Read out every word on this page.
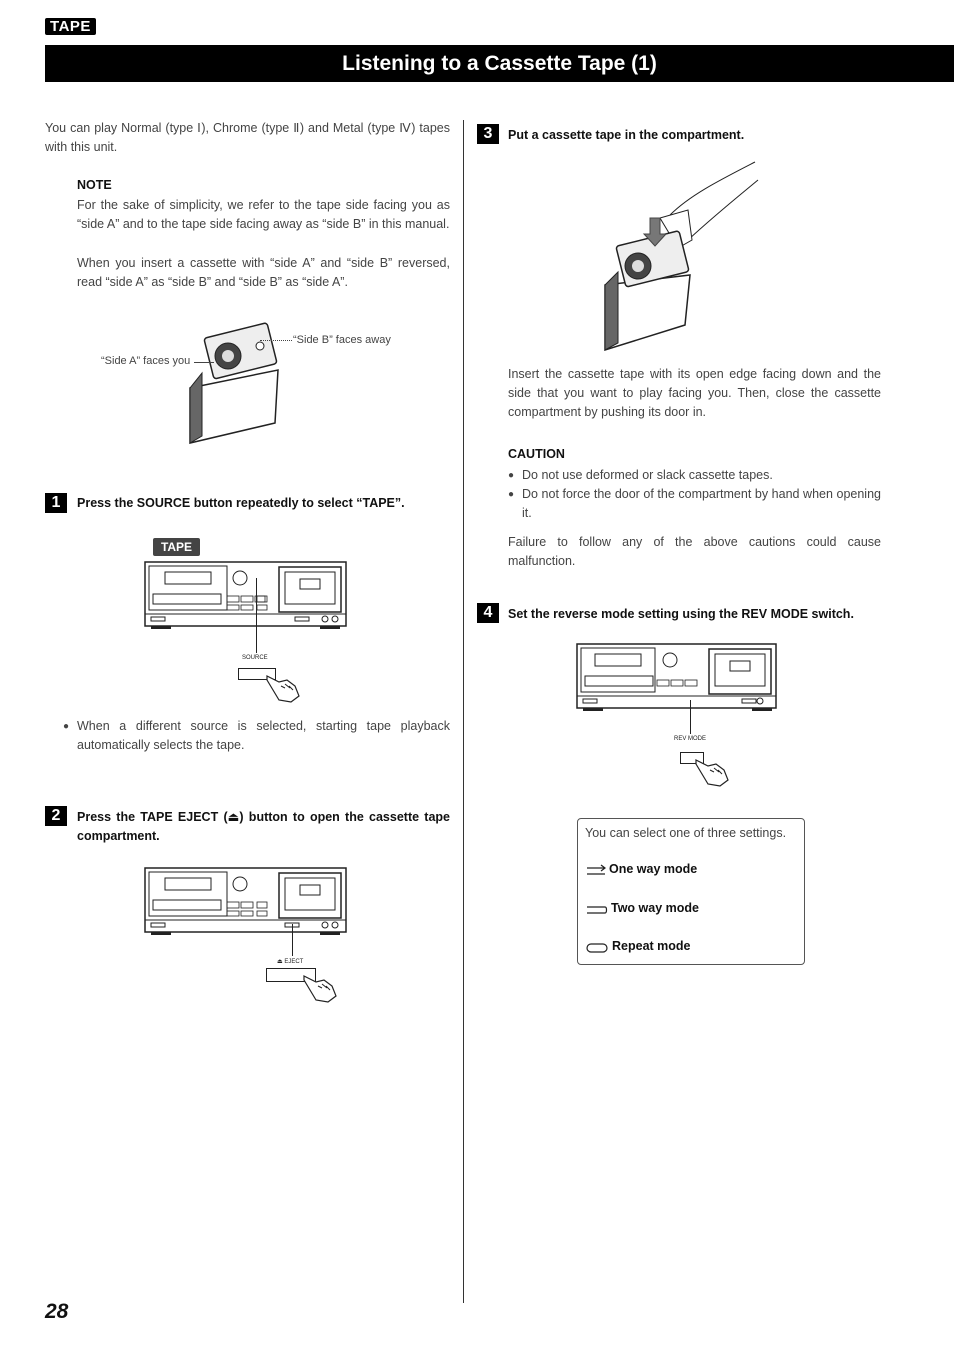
TAPE
Listening to a Cassette Tape (1)
You can play Normal (type Ⅰ), Chrome (type Ⅱ) and Metal (type Ⅳ) tapes with this unit.
NOTE
For the sake of simplicity, we refer to the tape side facing you as “side A” and to the tape side facing away as “side B” in this manual.
When you insert a cassette with “side A” and “side B” reversed, read “side A” as “side B” and “side B” as “side A”.
“Side B” faces away
“Side A” faces you
1	Press the SOURCE button repeatedly to select “TAPE”.
TAPE
SOURCE
● When a different source is selected, starting tape playback automatically selects the tape.
2	Press the TAPE EJECT (⏏) button to open the cassette tape compartment.
⏏ EJECT
3	Put a cassette tape in the compartment.
Insert the cassette tape with its open edge facing down and the side that you want to play facing you. Then, close the cassette compartment by pushing its door in.
CAUTION
● Do not use deformed or slack cassette tapes.
● Do not force the door of the compartment by hand when opening it.
Failure to follow any of the above cautions could cause malfunction.
4	Set the reverse mode setting using the REV MODE switch.
REV MODE
You can select one of three settings.
One way mode
Two way mode
Repeat mode
28
